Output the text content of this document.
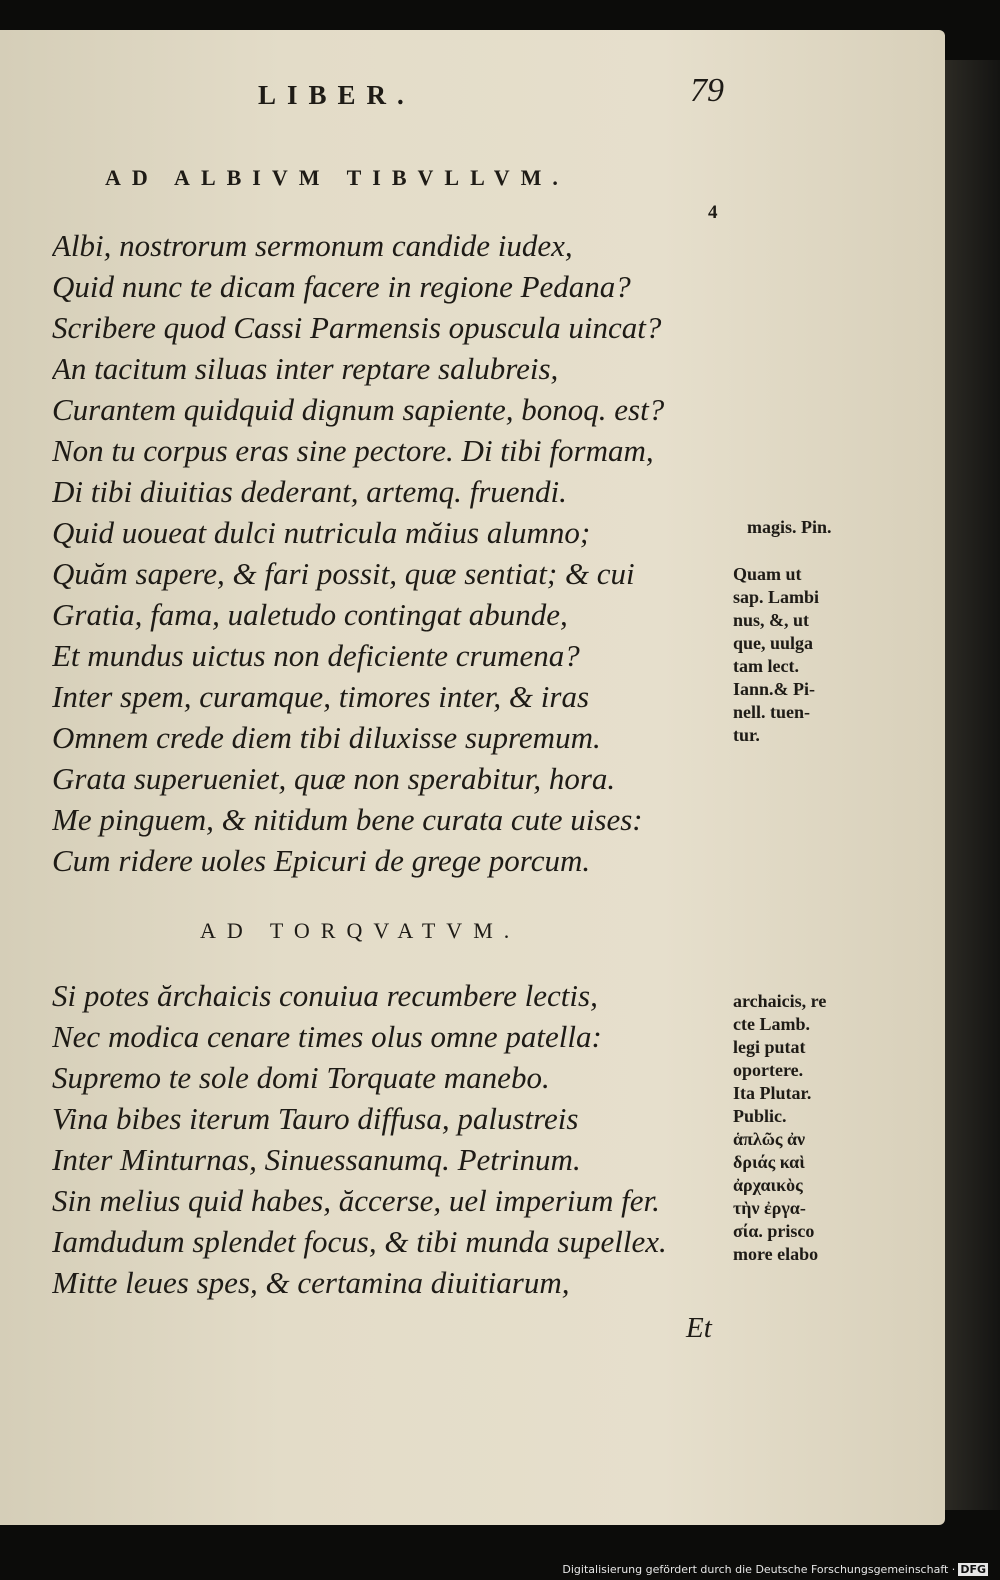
LIBER.	79
AD ALBIVM TIBVLLVM.
4
Albi, nostrorum sermonum candide iudex,
Quid nunc te dicam facere in regione Pedana?
Scribere quod Cassi Parmensis opuscula uincat?
An tacitum siluas inter reptare salubreis,
Curantem quidquid dignum sapiente, bonoq. est?
Non tu corpus eras sine pectore. Di tibi formam,
Di tibi diuitias dederant, artemq. fruendi.
Quid uoueat dulci nutricula măius alumno;
Quăm sapere, & fari possit, quæ sentiat; & cui
Gratia, fama, ualetudo contingat abunde,
Et mundus uictus non deficiente crumena?
Inter spem, curamque, timores inter, & iras
Omnem crede diem tibi diluxisse supremum.
Grata superueniet, quæ non sperabitur, hora.
Me pinguem, & nitidum bene curata cute uises:
Cum ridere uoles Epicuri de grege porcum.
AD TORQVATVM.
Si potes ărchaicis conuiua recumbere lectis,
Nec modica cenare times olus omne patella:
Supremo te sole domi Torquate manebo.
Vina bibes iterum Tauro diffusa, palustreis
Inter Minturnas, Sinuessanumq. Petrinum.
Sin melius quid habes, ăccerse, uel imperium fer.
Iamdudum splendet focus, & tibi munda supellex.
Mitte leues spes, & certamina diuitiarum,
magis. Pin.
Quam ut
sap. Lambi
nus, &, ut
que, uulga
tam lect.
Iann.& Pi-
nell. tuen-
tur.
archaicis, re
cte Lamb.
legi putat
oportere.
Ita Plutar.
Public.
ἁπλῶς ἀν
δριάς καὶ
ἀρχαικὸς
τὴν ἐργα-
σία. prisco
more elabo
Et
Digitalisierung gefördert durch die Deutsche Forschungsgemeinschaft · DFG
